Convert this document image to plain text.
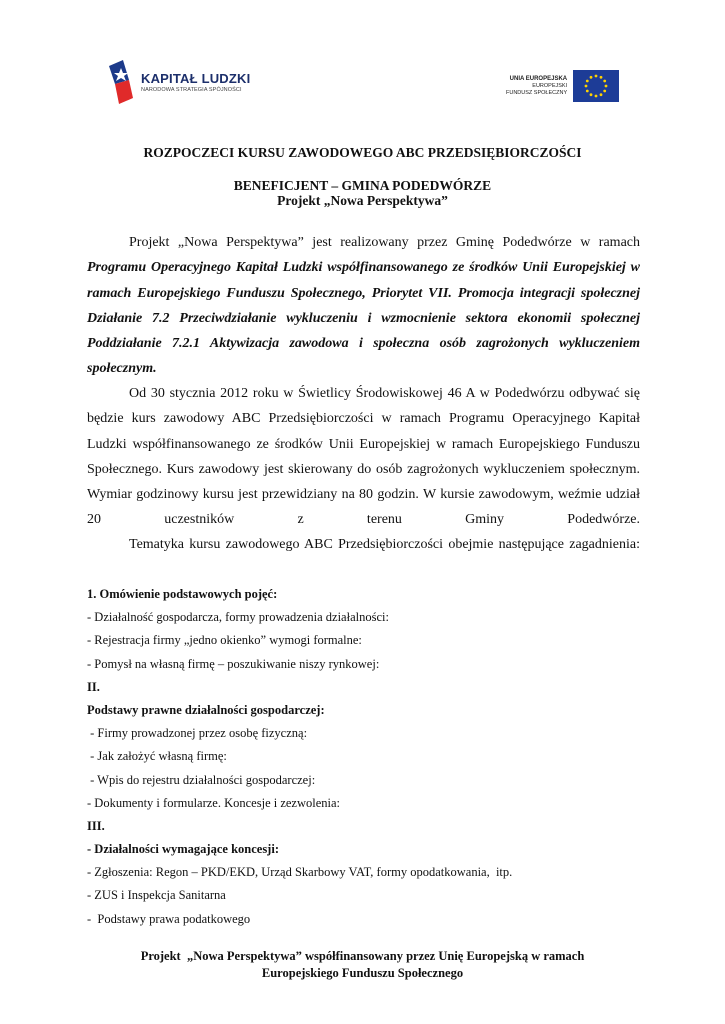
KAPITAŁ LUDZKI
NARODOWA STRATEGIA SPÓJNOŚCI
UNIA EUROPEJSKA
EUROPEJSKI
FUNDUSZ SPOŁECZNY
ROZPOCZECI KURSU ZAWODOWEGO ABC PRZEDSIĘBIORCZOŚCI
BENEFICJENT – GMINA PODEDWÓRZE
Projekt „Nowa Perspektywa”
Projekt „Nowa Perspektywa” jest realizowany przez Gminę Podedwórze w ramach Programu Operacyjnego Kapitał Ludzki współfinansowanego ze środków Unii Europejskiej w ramach Europejskiego Funduszu Społecznego, Priorytet VII. Promocja integracji społecznej Działanie 7.2 Przeciwdziałanie wykluczeniu i wzmocnienie sektora ekonomii społecznej Poddziałanie 7.2.1 Aktywizacja zawodowa i społeczna osób zagrożonych wykluczeniem społecznym.
Od 30 stycznia 2012 roku w Świetlicy Środowiskowej 46 A w Podedwórzu odbywać się będzie kurs zawodowy ABC Przedsiębiorczości w ramach Programu Operacyjnego Kapitał Ludzki współfinansowanego ze środków Unii Europejskiej w ramach Europejskiego Funduszu Społecznego. Kurs zawodowy jest skierowany do osób zagrożonych wykluczeniem społecznym. Wymiar godzinowy kursu jest przewidziany na 80 godzin. W kursie zawodowym, weźmie udział 20 uczestników z terenu Gminy Podedwórze.
Tematyka kursu zawodowego ABC Przedsiębiorczości obejmie następujące zagadnienia:
1. Omówienie podstawowych pojęć:
- Działalność gospodarcza, formy prowadzenia działalności:
- Rejestracja firmy „jedno okienko” wymogi formalne:
- Pomysł na własną firmę – poszukiwanie niszy rynkowej:
II.
Podstawy prawne działalności gospodarczej:
- Firmy prowadzonej przez osobę fizyczną:
- Jak założyć własną firmę:
- Wpis do rejestru działalności gospodarczej:
- Dokumenty i formularze. Koncesje i zezwolenia:
III.
- Działalności wymagające koncesji:
- Zgłoszenia: Regon – PKD/EKD, Urząd Skarbowy VAT, formy opodatkowania,  itp.
- ZUS i Inspekcja Sanitarna
-  Podstawy prawa podatkowego
Projekt  „Nowa Perspektywa” współfinansowany przez Unię Europejską w ramach
Europejskiego Funduszu Społecznego
